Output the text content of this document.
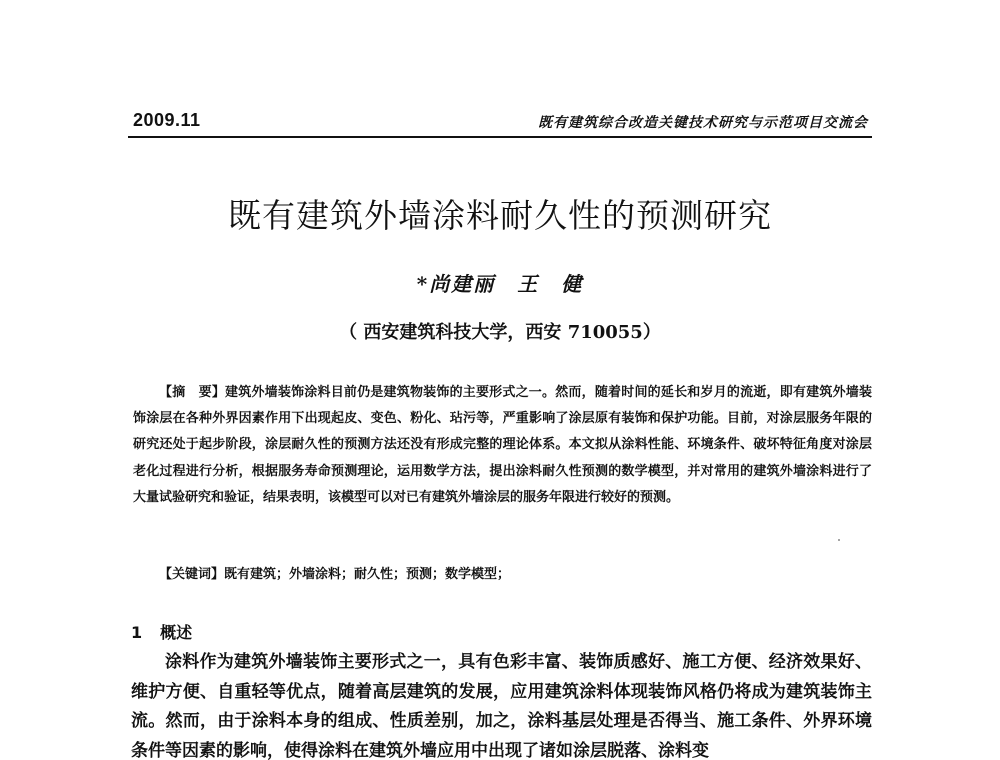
2009.11	既有建筑综合改造关键技术研究与示范项目交流会
既有建筑外墙涂料耐久性的预测研究
*尚建丽　王　健
（ 西安建筑科技大学，西安 710055）
【摘　要】建筑外墙装饰涂料目前仍是建筑物装饰的主要形式之一。然而，随着时间的延长和岁月的流逝，即有建筑外墙装饰涂层在各种外界因素作用下出现起皮、变色、粉化、玷污等，严重影响了涂层原有装饰和保护功能。目前，对涂层服务年限的研究还处于起步阶段，涂层耐久性的预测方法还没有形成完整的理论体系。本文拟从涂料性能、环境条件、破坏特征角度对涂层老化过程进行分析，根据服务寿命预测理论，运用数学方法，提出涂料耐久性预测的数学模型，并对常用的建筑外墙涂料进行了大量试验研究和验证，结果表明，该模型可以对已有建筑外墙涂层的服务年限进行较好的预测。
【关键词】既有建筑；外墙涂料；耐久性；预测；数学模型；
1 概述
涂料作为建筑外墙装饰主要形式之一，具有色彩丰富、装饰质感好、施工方便、经济效果好、维护方便、自重轻等优点，随着高层建筑的发展，应用建筑涂料体现装饰风格仍将成为建筑装饰主流。然而，由于涂料本身的组成、性质差别，加之，涂料基层处理是否得当、施工条件、外界环境条件等因素的影响，使得涂料在建筑外墙应用中出现了诸如涂层脱落、涂料变
